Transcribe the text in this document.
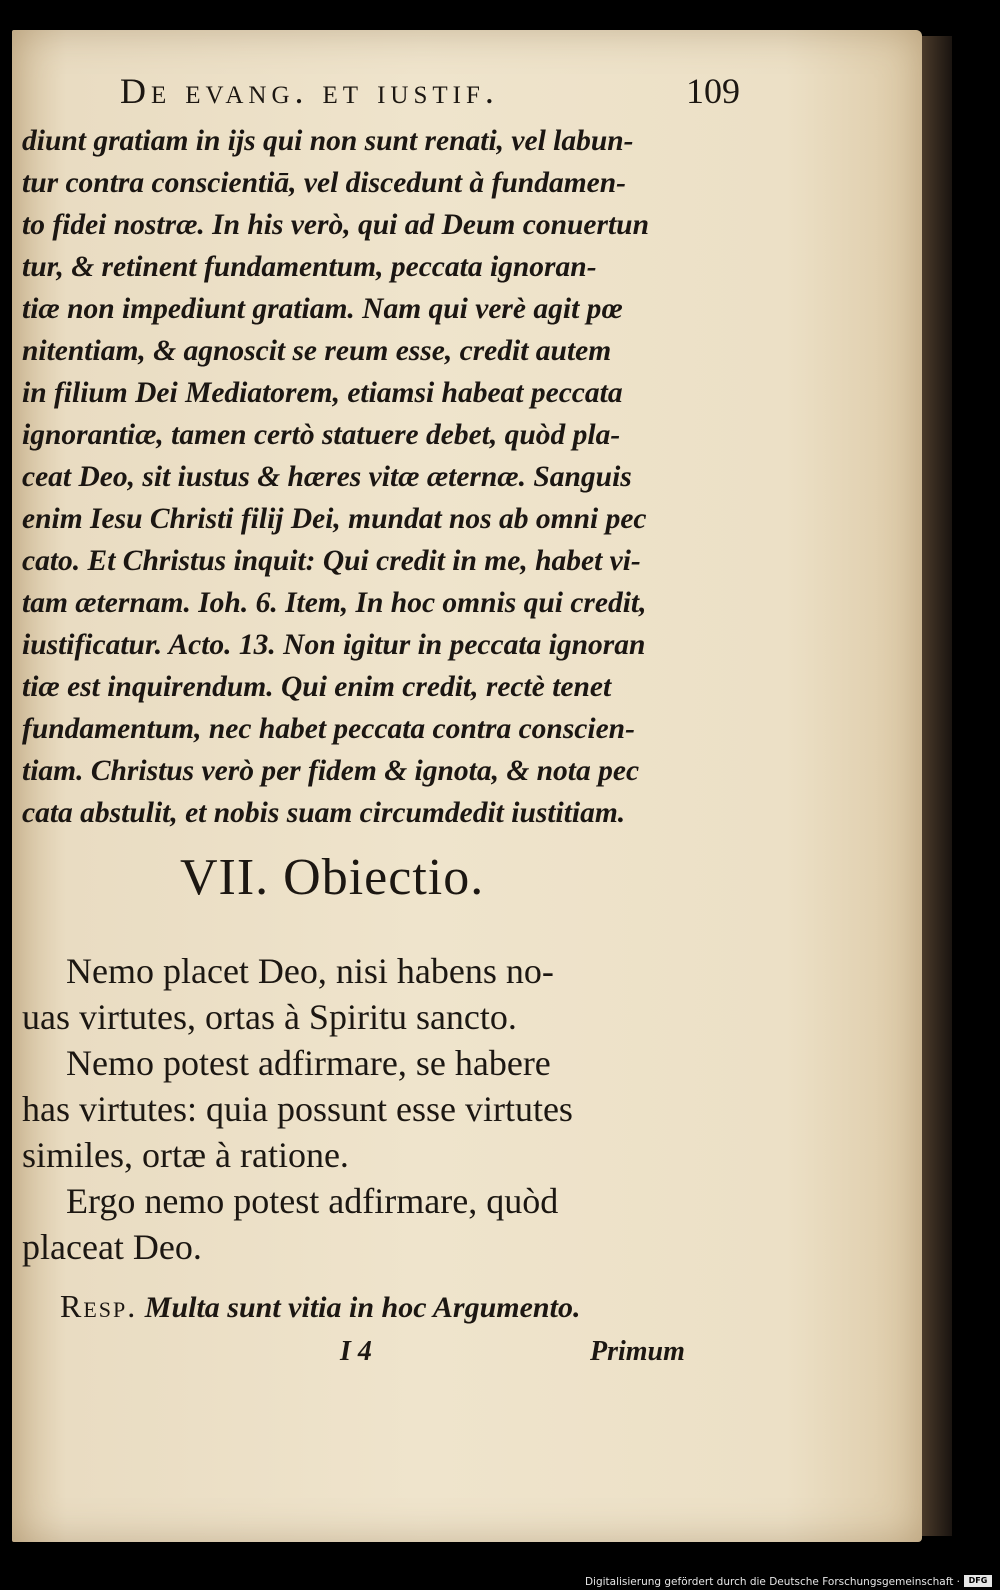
De evang. et iustif.	109
diunt gratiam in ijs qui non sunt renati, vel labun-
tur contra conscientiā, vel discedunt à fundamen-
to fidei nostræ. In his verò, qui ad Deum conuertun
tur, & retinent fundamentum, peccata ignoran-
tiæ non impediunt gratiam. Nam qui verè agit pœ
nitentiam, & agnoscit se reum esse, credit autem
in filium Dei Mediatorem, etiamsi habeat peccata
ignorantiæ, tamen certò statuere debet, quòd pla-
ceat Deo, sit iustus & hæres vitæ æternæ. Sanguis
enim Iesu Christi filij Dei, mundat nos ab omni pec
cato. Et Christus inquit: Qui credit in me, habet vi-
tam æternam. Ioh. 6. Item, In hoc omnis qui credit,
iustificatur. Acto. 13. Non igitur in peccata ignoran
tiæ est inquirendum. Qui enim credit, rectè tenet
fundamentum, nec habet peccata contra conscien-
tiam. Christus verò per fidem & ignota, & nota pec
cata abstulit, et nobis suam circumdedit iustitiam.
VII. Obiectio.
Nemo placet Deo, nisi habens no-
uas virtutes, ortas à Spiritu sancto.
Nemo potest adfirmare, se habere
has virtutes: quia possunt esse virtutes
similes, ortæ à ratione.
Ergo nemo potest adfirmare, quòd
placeat Deo.
Resp. Multa sunt vitia in hoc Argumento.
I 4	Primum
Digitalisierung gefördert durch die Deutsche Forschungsgemeinschaft ·	DFG
